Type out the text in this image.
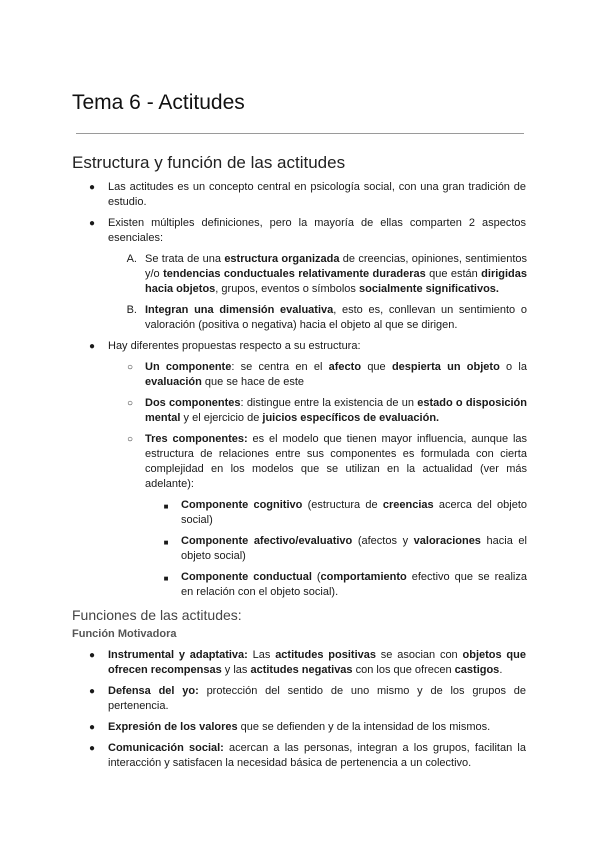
Tema 6 - Actitudes
Estructura y función de las actitudes
● Las actitudes es un concepto central en psicología social, con una gran tradición de estudio.
● Existen múltiples definiciones, pero la mayoría de ellas comparten 2 aspectos esenciales:
A. Se trata de una estructura organizada de creencias, opiniones, sentimientos y/o tendencias conductuales relativamente duraderas que están dirigidas hacia objetos, grupos, eventos o símbolos socialmente significativos.
B. Integran una dimensión evaluativa, esto es, conllevan un sentimiento o valoración (positiva o negativa) hacia el objeto al que se dirigen.
● Hay diferentes propuestas respecto a su estructura:
○	Un componente: se centra en el afecto que despierta un objeto o la evaluación que se hace de este
○	Dos componentes: distingue entre la existencia de un estado o disposición mental y el ejercicio de juicios específicos de evaluación.
○	Tres componentes: es el modelo que tienen mayor influencia, aunque las estructura de relaciones entre sus componentes es formulada con cierta complejidad en los modelos que se utilizan en la actualidad (ver más adelante):
■ Componente cognitivo (estructura de creencias acerca del objeto social)
■ Componente afectivo/evaluativo (afectos y valoraciones hacia el objeto social)
■ Componente conductual (comportamiento efectivo que se realiza en relación con el objeto social).
Funciones de las actitudes:
Función Motivadora
● Instrumental y adaptativa: Las actitudes positivas se asocian con objetos que ofrecen recompensas y las actitudes negativas con los que ofrecen castigos.
● Defensa del yo: protección del sentido de uno mismo y de los grupos de pertenencia.
● Expresión de los valores que se defienden y de la intensidad de los mismos.
● Comunicación social: acercan a las personas, integran a los grupos, facilitan la interacción y satisfacen la necesidad básica de pertenencia a un colectivo.
